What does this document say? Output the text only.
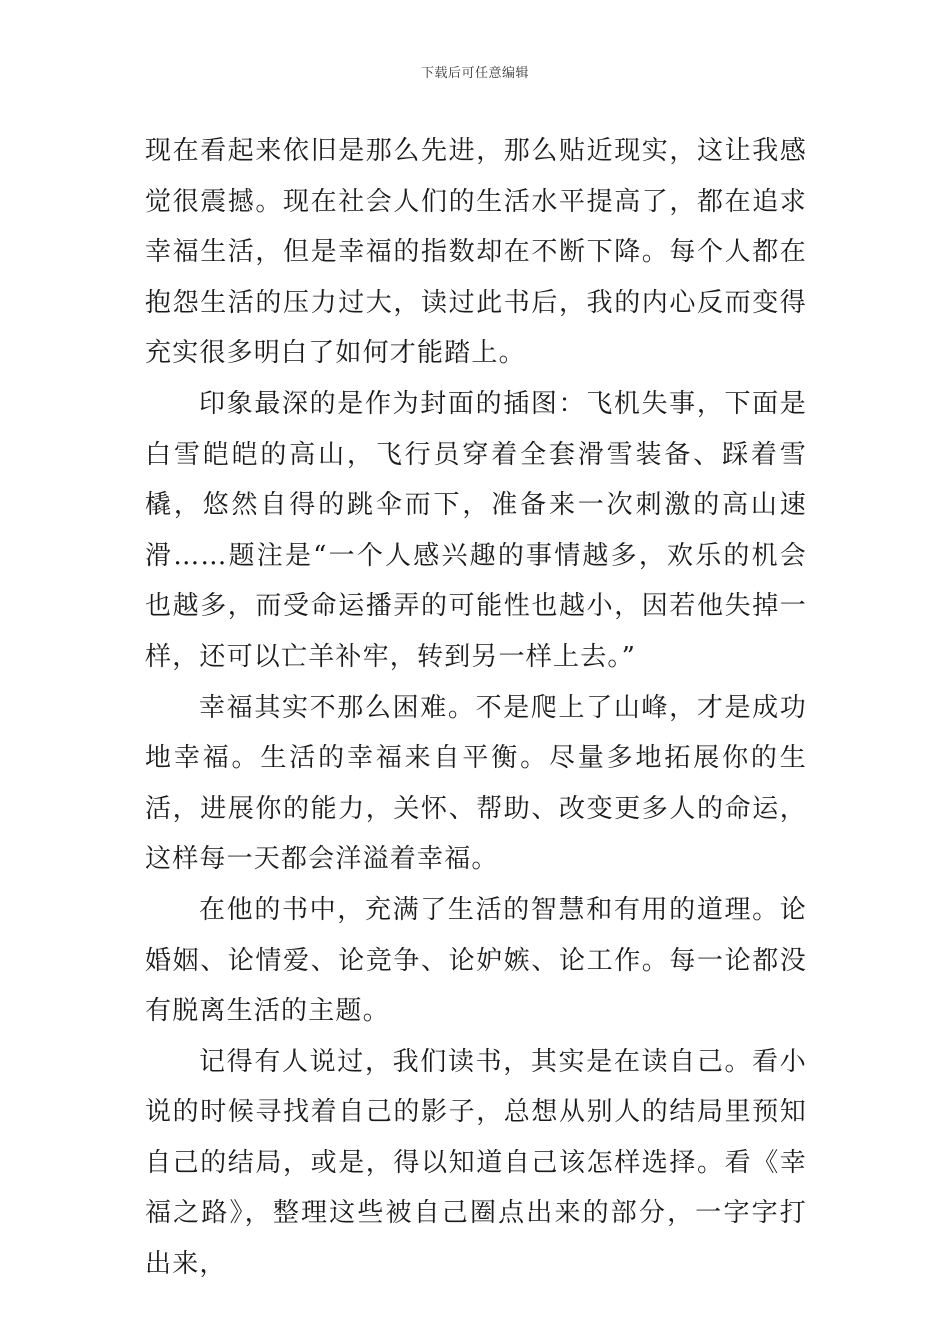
下载后可任意编辑

现在看起来依旧是那么先进，那么贴近现实，这让我感觉很震撼。现在社会人们的生活水平提高了，都在追求幸福生活，但是幸福的指数却在不断下降。每个人都在抱怨生活的压力过大，读过此书后，我的内心反而变得充实很多明白了如何才能踏上。

印象最深的是作为封面的插图：飞机失事，下面是白雪皑皑的高山，飞行员穿着全套滑雪装备、踩着雪橇，悠然自得的跳伞而下，准备来一次刺激的高山速滑……题注是“一个人感兴趣的事情越多，欢乐的机会也越多，而受命运播弄的可能性也越小，因若他失掉一样，还可以亡羊补牢，转到另一样上去。”

幸福其实不那么困难。不是爬上了山峰，才是成功地幸福。生活的幸福来自平衡。尽量多地拓展你的生活，进展你的能力，关怀、帮助、改变更多人的命运，这样每一天都会洋溢着幸福。

在他的书中，充满了生活的智慧和有用的道理。论婚姻、论情爱、论竞争、论妒嫉、论工作。每一论都没有脱离生活的主题。

记得有人说过，我们读书，其实是在读自己。看小说的时候寻找着自己的影子，总想从别人的结局里预知自己的结局，或是，得以知道自己该怎样选择。看《幸福之路》，整理这些被自己圈点出来的部分，一字字打出来，
